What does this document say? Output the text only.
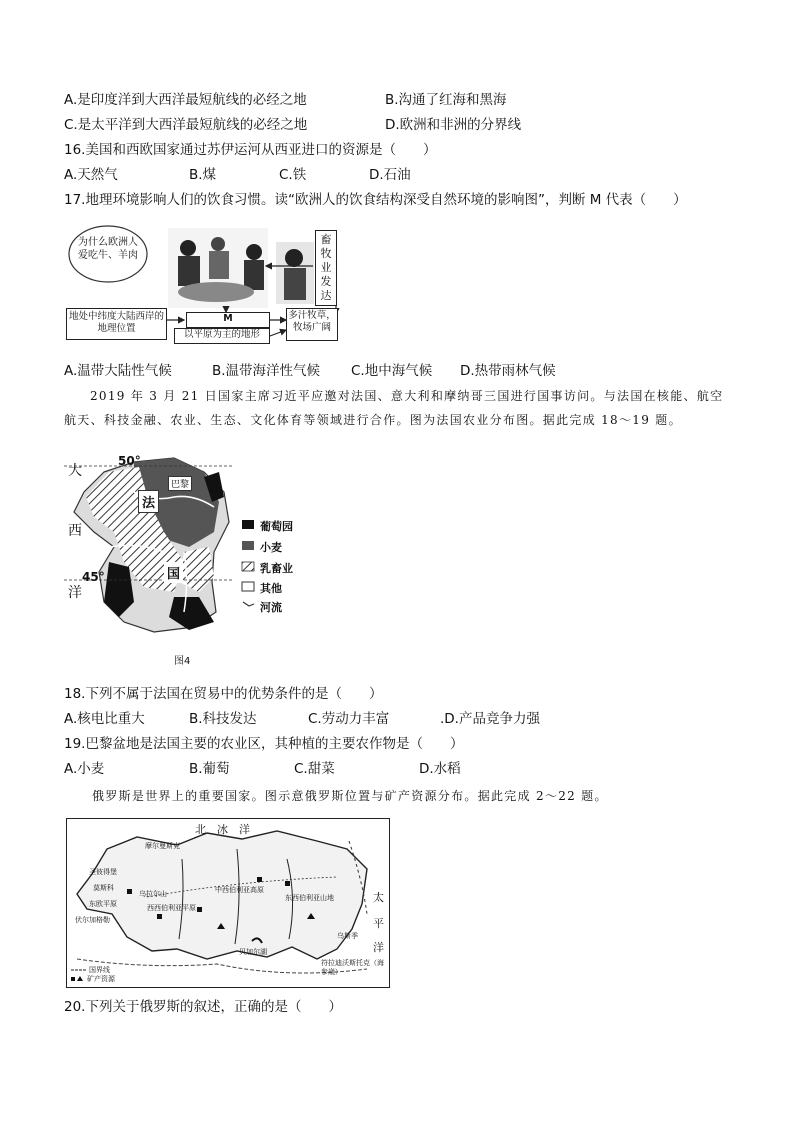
A.是印度洋到大西洋最短航线的必经之地	B.沟通了红海和黑海
C.是太平洋到大西洋最短航线的必经之地	D.欧洲和非洲的分界线
16.美国和西欧国家通过苏伊运河从西亚进口的资源是（　　）
A.天然气	B.煤	C.铁	D.石油
17.地理环境影响人们的饮食习惯。读“欧洲人的饮食结构深受自然环境的影响图”，判断 M 代表（　　）
为什么欧洲人爱吃牛、羊肉
畜牧业发达
地处中纬度大陆西岸的地理位置
M
以平原为主的地形
多汁牧草，牧场广阔
A.温带大陆性气候	B.温带海洋性气候 C.地中海气候 D.热带雨林气候
2019 年 3 月 21 日国家主席习近平应邀对法国、意大利和摩纳哥三国进行国事访问。与法国在核能、航空
航天、科技金融、农业、生态、文化体育等领域进行合作。图为法国农业分布图。据此完成 18～19 题。
50°
45°
大
西
洋
法
巴黎
国
葡萄园
小麦
乳畜业
其他
河流
图4
18.下列不属于法国在贸易中的优势条件的是（　　）
A.核电比重大	B.科技发达	C.劳动力丰富	.D.产品竞争力强
19.巴黎盆地是法国主要的农业区，其种植的主要农作物是（　　）
A.小麦	B.葡萄	C.甜菜	D.水稻
俄罗斯是世界上的重要国家。图示意俄罗斯位置与矿产资源分布。据此完成 2～22 题。
北　冰　洋
太
平
洋
摩尔曼斯克
圣彼得堡
莫斯科
伏尔加格勒
东欧平原	西西伯利亚平原
乌拉尔山	中西伯利亚高原
东西伯利亚山地
贝加尔湖
符拉迪沃斯托克（海参崴）
乌斯季
国界线
矿产资源
20.下列关于俄罗斯的叙述，正确的是（　　）
